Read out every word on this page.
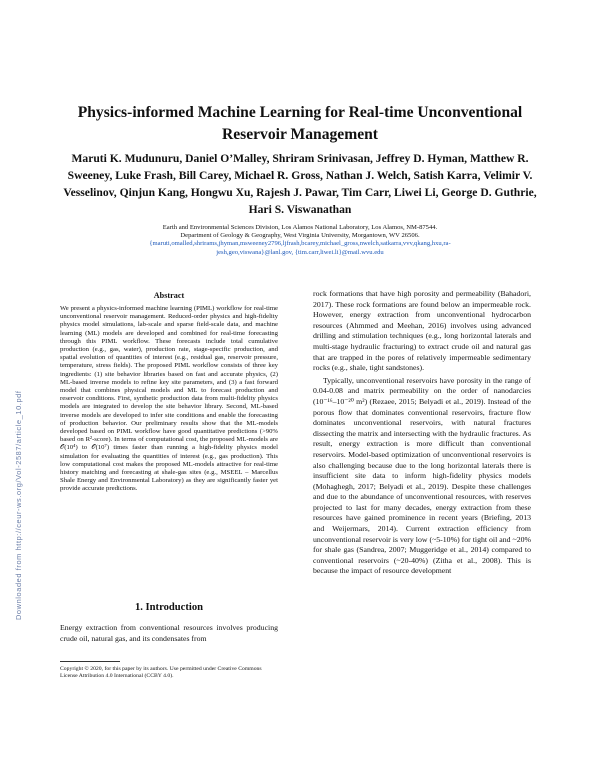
Physics-informed Machine Learning for Real-time Unconventional Reservoir Management

Maruti K. Mudunuru, Daniel O’Malley, Shriram Srinivasan, Jeffrey D. Hyman, Matthew R. Sweeney, Luke Frash, Bill Carey, Michael R. Gross, Nathan J. Welch, Satish Karra, Velimir V. Vesselinov, Qinjun Kang, Hongwu Xu, Rajesh J. Pawar, Tim Carr, Liwei Li, George D. Guthrie, Hari S. Viswanathan

Earth and Environmental Sciences Division, Los Alamos National Laboratory, Los Alamos, NM-87544.
Department of Geology & Geography, West Virginia University, Morgantown, WV 26506.
{maruti,omalled,shrirams,jhyman,msweeney2796,ljfrash,bcarey,michael_gross,nwelch,satkarra,vvv,qkang,hxu,ra-
jesh,geo,viswana}@lanl.gov, {tim.carr,liwei.li}@mail.wvu.edu
Downloaded from http://ceur-ws.org/Vol-2587/article_10.pdf
Abstract

We present a physics-informed machine learning (PIML) workflow for real-time unconventional reservoir management. Reduced-order physics and high-fidelity physics model simulations, lab-scale and sparse field-scale data, and machine learning (ML) models are developed and combined for real-time forecasting through this PIML workflow. These forecasts include total cumulative production (e.g., gas, water), production rate, stage-specific production, and spatial evolution of quantities of interest (e.g., residual gas, reservoir pressure, temperature, stress fields). The proposed PIML workflow consists of three key ingredients: (1) site behavior libraries based on fast and accurate physics, (2) ML-based inverse models to refine key site parameters, and (3) a fast forward model that combines physical models and ML to forecast production and reservoir conditions. First, synthetic production data from multi-fidelity physics models are integrated to develop the site behavior library. Second, ML-based inverse models are developed to infer site conditions and enable the forecasting of production behavior. Our preliminary results show that the ML-models developed based on PIML workflow have good quantitative predictions (>90% based on R²-score). In terms of computational cost, the proposed ML-models are 𝒪(10⁴) to 𝒪(10⁷) times faster than running a high-fidelity physics model simulation for evaluating the quantities of interest (e.g., gas production). This low computational cost makes the proposed ML-models attractive for real-time history matching and forecasting at shale-gas sites (e.g., MSEEL – Marcellus Shale Energy and Environmental Laboratory) as they are significantly faster yet provide accurate predictions.

1. Introduction

Energy extraction from conventional resources involves producing crude oil, natural gas, and its condensates from

Copyright © 2020, for this paper by its authors. Use permitted under Creative Commons License Attribution 4.0 International (CCBY 4.0).

rock formations that have high porosity and permeability (Bahadori, 2017). These rock formations are found below an impermeable rock. However, energy extraction from unconventional hydrocarbon resources (Ahmmed and Meehan, 2016) involves using advanced drilling and stimulation techniques (e.g., long horizontal laterals and multi-stage hydraulic fracturing) to extract crude oil and natural gas that are trapped in the pores of relatively impermeable sedimentary rocks (e.g., shale, tight sandstones).

Typically, unconventional reservoirs have porosity in the range of 0.04-0.08 and matrix permeability on the order of nanodarcies (10⁻¹⁶–10⁻²⁰ m²) (Rezaee, 2015; Belyadi et al., 2019). Instead of the porous flow that dominates conventional reservoirs, fracture flow dominates unconventional reservoirs, with natural fractures dissecting the matrix and intersecting with the hydraulic fractures. As result, energy extraction is more difficult than conventional reservoirs. Model-based optimization of unconventional reservoirs is also challenging because due to the long horizontal laterals there is insufficient site data to inform high-fidelity physics models (Mohaghegh, 2017; Belyadi et al., 2019). Despite these challenges and due to the abundance of unconventional resources, with reserves projected to last for many decades, energy extraction from these resources have gained prominence in recent years (Briefing, 2013 and Weijermars, 2014). Current extraction efficiency from unconventional reservoir is very low (~5-10%) for tight oil and ~20% for shale gas (Sandrea, 2007; Muggeridge et al., 2014) compared to conventional reservoirs (~20-40%) (Zitha et al., 2008). This is because the impact of resource development
